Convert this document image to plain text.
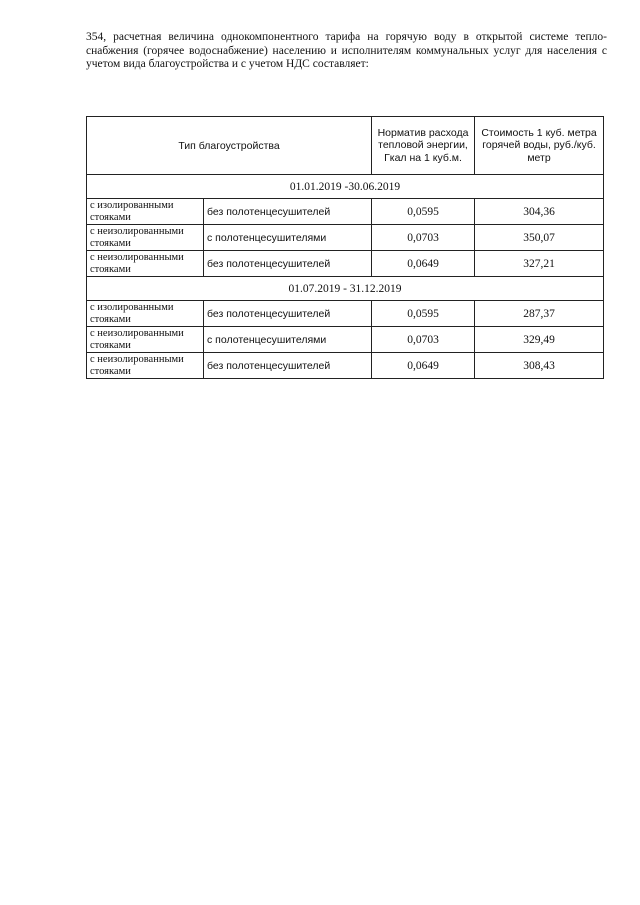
354, расчетная величина однокомпонентного тарифа на горячую воду в открытой системе тепло-снабжения (горячее водоснабжение) населению и исполнителям коммунальных услуг для населения с учетом вида благоустройства и с учетом НДС составляет:

Тип благоустройства		Норматив расхода тепловой энергии, Гкал на 1 куб.м.	Стоимость 1 куб. метра горячей воды, руб./куб. метр
01.01.2019 -30.06.2019			

с изолированными
стояками	без полотенцесушителей	0,0595	304,36

с неизолированными
стояками	с полотенцесушителями	0,0703	350,07

с неизолированными
стояками	без полотенцесушителей	0,0649	327,21
01.07.2019 - 31.12.2019			

с изолированными
стояками	без полотенцесушителей	0,0595	287,37

с неизолированными
стояками	с полотенцесушителями	0,0703	329,49

с неизолированными
стояками	без полотенцесушителей	0,0649	308,43
